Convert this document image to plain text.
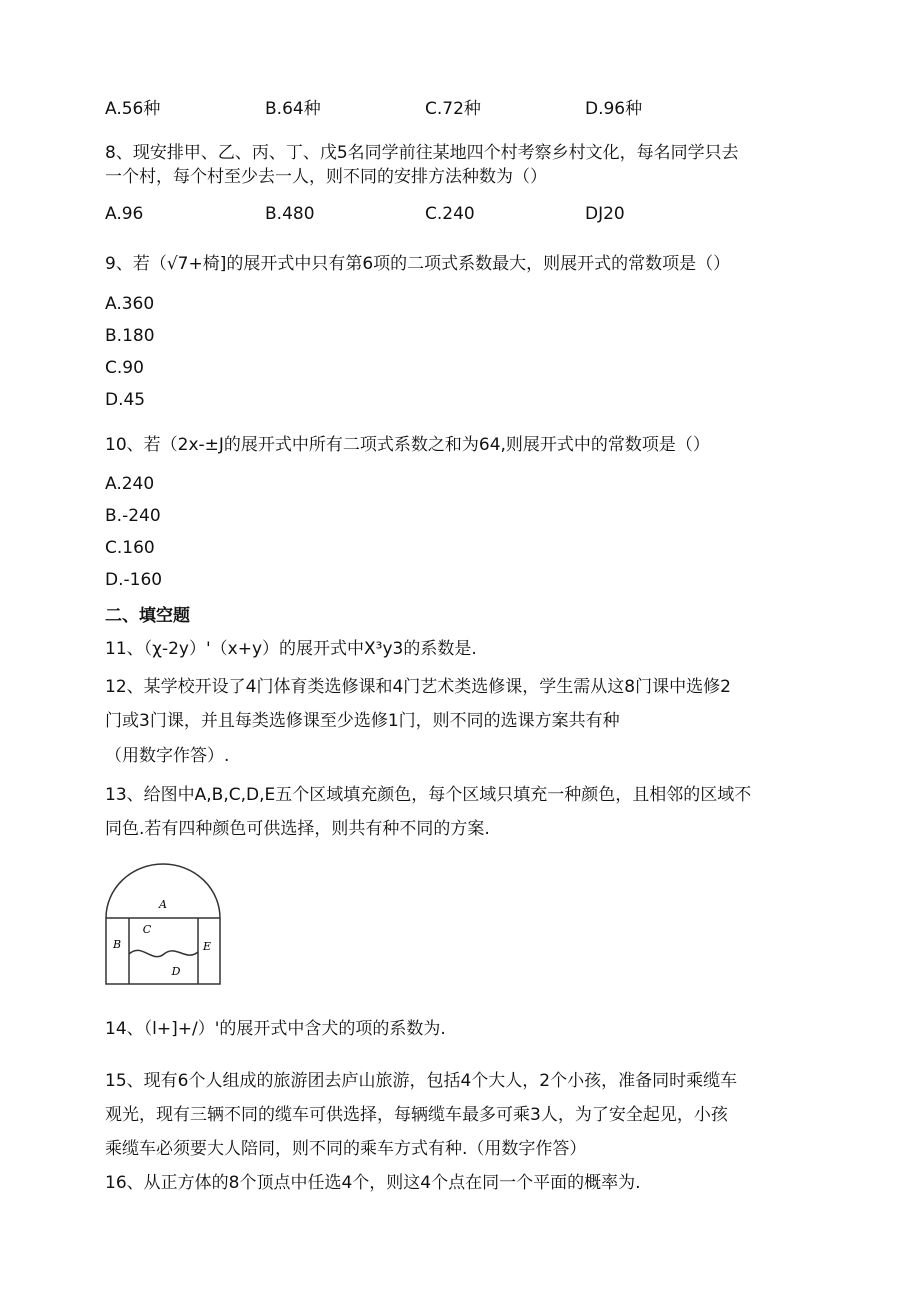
A.56种	B.64种	C.72种	D.96种
8、现安排甲、乙、丙、丁、戊5名同学前往某地四个村考察乡村文化，每名同学只去
一个村，每个村至少去一人，则不同的安排方法种数为（）
A.96	B.480	C.240	DJ20
9、若（√7+椅]的展开式中只有第6项的二项式系数最大，则展开式的常数项是（）
A.360
B.180
C.90
D.45
10、若（2x-±J的展开式中所有二项式系数之和为64,则展开式中的常数项是（）
A.240
B.-240
C.160
D.-160
二、填空题
11、（χ-2y）'（x+y）的展开式中X³y3的系数是.
12、某学校开设了4门体育类选修课和4门艺术类选修课，学生需从这8门课中选修2
门或3门课，并且每类选修课至少选修1门，则不同的选课方案共有种
（用数字作答）.
13、给图中A,B,C,D,E五个区域填充颜色，每个区域只填充一种颜色，且相邻的区域不
同色.若有四种颜色可供选择，则共有种不同的方案.
A
B
C
D
E
14、（l+]+/）'的展开式中含犬的项的系数为.
15、现有6个人组成的旅游团去庐山旅游，包括4个大人，2个小孩，准备同时乘缆车
观光，现有三辆不同的缆车可供选择，每辆缆车最多可乘3人，为了安全起见，小孩
乘缆车必须要大人陪同，则不同的乘车方式有种.（用数字作答）
16、从正方体的8个顶点中任选4个，则这4个点在同一个平面的概率为.
